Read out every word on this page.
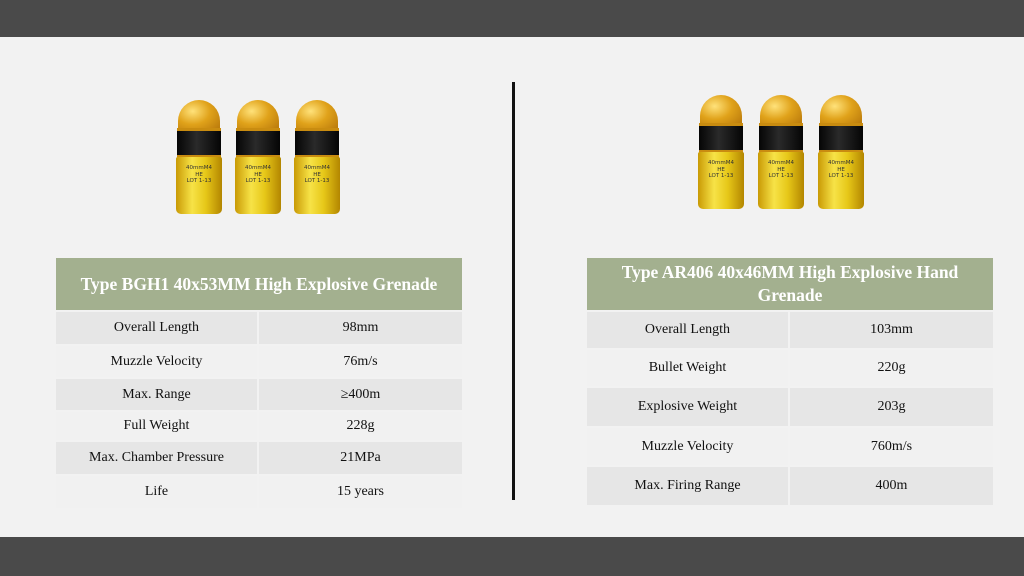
40mmM4
HE
LOT 1-13
40mmM4
HE
LOT 1-13
40mmM4
HE
LOT 1-13
40mmM4
HE
LOT 1-13
40mmM4
HE
LOT 1-13
40mmM4
HE
LOT 1-13
Type BGH1 40x53MM High Explosive Grenade	
Overall Length	98mm
Muzzle Velocity	76m/s
Max. Range	≥400m
Full Weight	228g
Max. Chamber Pressure	21MPa
Life	15 years
Type AR406 40x46MM High Explosive Hand Grenade	
Overall Length	103mm
Bullet Weight	220g
Explosive Weight	203g
Muzzle Velocity	760m/s
Max. Firing Range	400m
